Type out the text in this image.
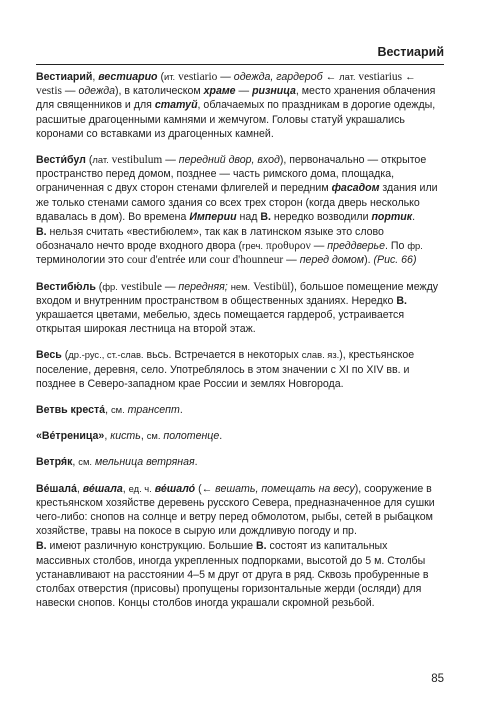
Вестиарий

Вестиарий, вестиарио (ит. vestiario — одежда, гардероб ← лат. vestiarius ← vestis — одежда), в католическом храме — ризница, место хранения облачения для священников и для статуй, облачаемых по праздникам в дорогие одежды, расшитые драгоценными камнями и жемчугом. Головы статуй украшались коронами со вставками из драгоценных камней.

Вести́бул (лат. vestibulum — передний двор, вход), первоначально — открытое пространство перед домом, позднее — часть римского дома, площадка, ограниченная с двух сторон стенами флигелей и передним фасадом здания или же только стенами самого здания со всех трех сторон (когда дверь несколько вдавалась в дом). Во времена Империи над В. нередко возводили портик.

В. нельзя считать «вестибюлем», так как в латинском языке это слово обозначало нечто вроде входного двора (греч. προθυρον — преддверье. По фр. терминологии это cour d'entrée или cour d'hounneur — перед домом). (Рис. 66)

Вестибю́ль (фр. vestibule — передняя; нем. Vestibül), большое помещение между входом и внутренним пространством в общественных зданиях. Нередко В. украшается цветами, мебелью, здесь помещается гардероб, устраивается открытая широкая лестница на второй этаж.

Весь (др.-рус., ст.-слав. вьсь. Встречается в некоторых слав. яз.), крестьянское поселение, деревня, село. Употреблялось в этом значении с XI по XIV вв. и позднее в Северо-западном крае России и землях Новгорода.

Ветвь креста́, см. трансепт.

«Ве́треница», кисть, см. полотенце.

Ветря́к, см. мельница ветряная.

Ве́шала́, ве́шала, ед. ч. ве́шало́ (← вешать, помещать на весу), сооружение в крестьянском хозяйстве деревень русского Севера, предназначенное для сушки чего-либо: снопов на солнце и ветру перед обмолотом, рыбы, сетей в рыбацком хозяйстве, травы на покосе в сырую или дождливую погоду и пр.

В. имеют различную конструкцию. Большие В. состоят из капитальных массивных столбов, иногда укрепленных подпорками, высотой до 5 м. Столбы устанавливают на расстоянии 4–5 м друг от друга в ряд. Сквозь пробуренные в столбах отверстия (присовы) пропущены горизонтальные жерди (осляди) для навески снопов. Концы столбов иногда украшали скромной резьбой.

85
